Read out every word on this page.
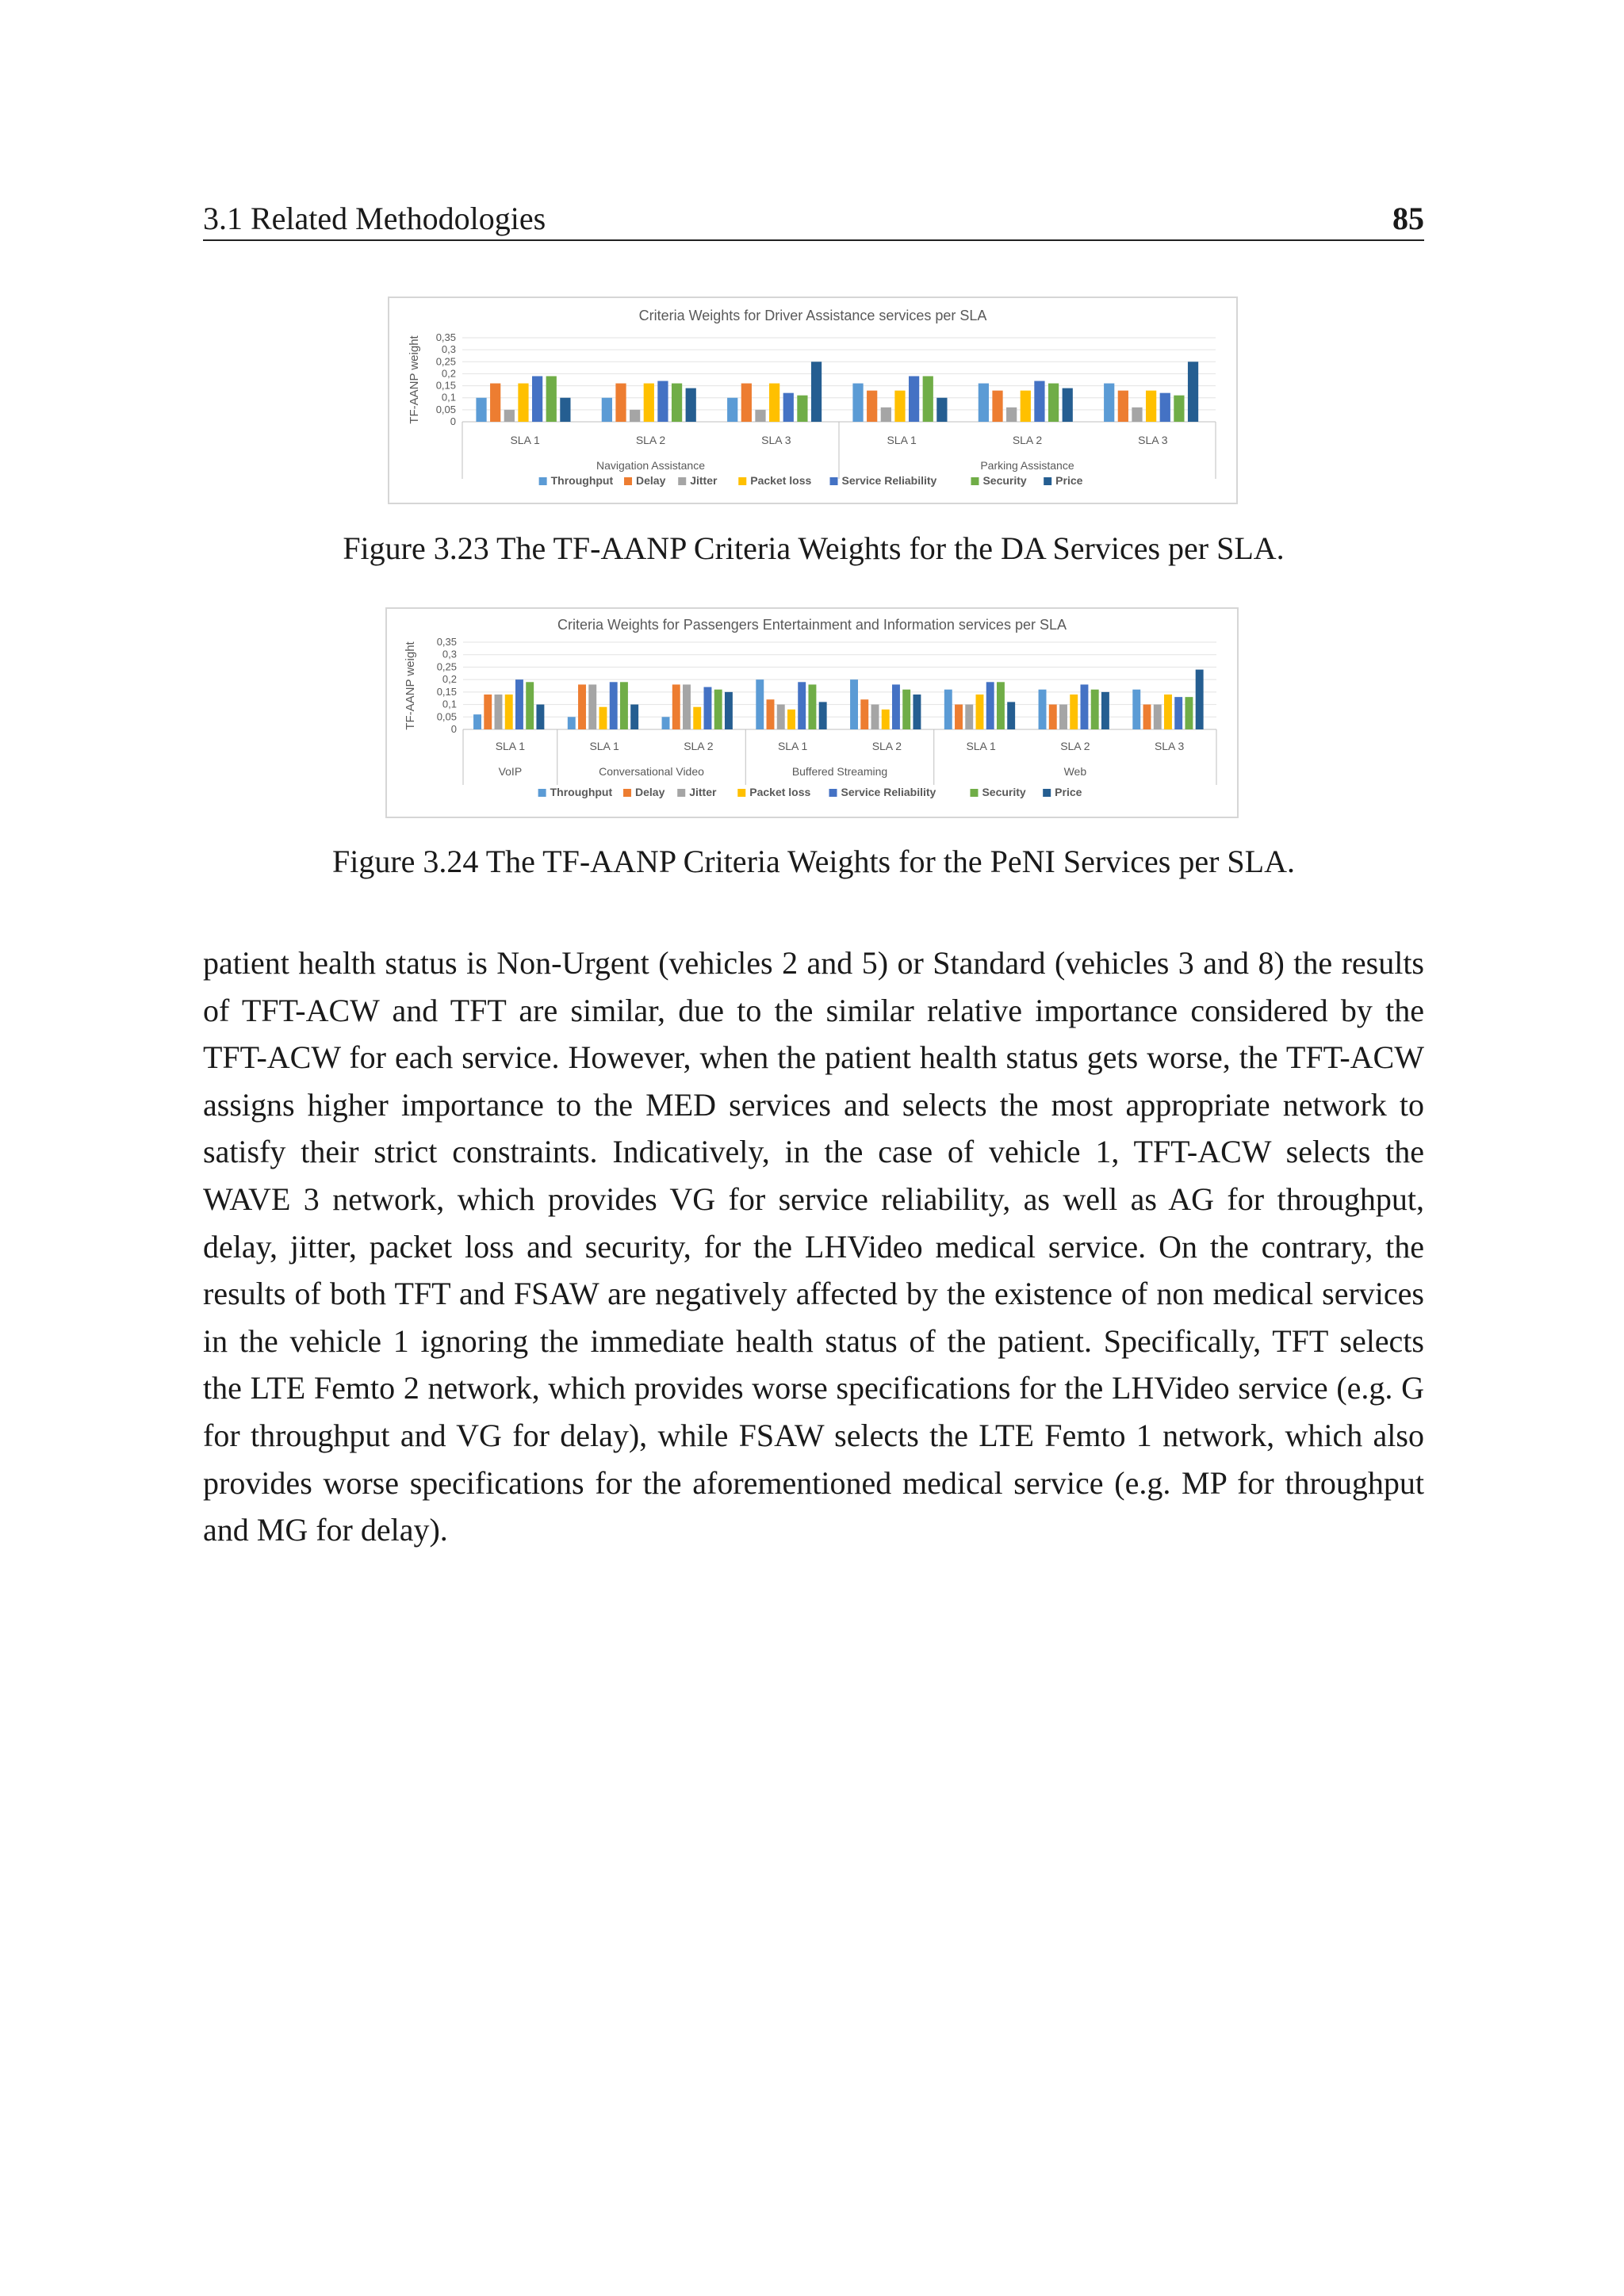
3.1 Related Methodologies	85
Criteria Weights for Driver Assistance services per SLA
TF-AANP weight	0
0,05
0,1
0,15
0,2
0,25
0,3
0,35
SLA 1	SLA 2	SLA 3	SLA 1	SLA 2	SLA 3
Navigation Assistance	Parking Assistance
Throughput Delay Jitter	Packet loss	Service Reliability	Security	Price
Figure 3.23 The TF-AANP Criteria Weights for the DA Services per SLA.
Criteria Weights for Passengers Entertainment and Information services per SLA
TF-AANP weight	0
0,05
0,1
0,15
0,2
0,25
0,3
0,35
SLA 1	SLA 1	SLA 2	SLA 1	SLA 2	SLA 1	SLA 2	SLA 3
VoIP	Conversational Video	Buffered Streaming	Web
Throughput Delay Jitter	Packet loss	Service Reliability	Security	Price
Figure 3.24 The TF-AANP Criteria Weights for the PeNI Services per SLA.
patient health status is Non-Urgent (vehicles 2 and 5) or Standard (vehicles 3 and 8) the results
of TFT-ACW and TFT are similar, due to the similar relative importance considered by the
TFT-ACW for each service. However, when the patient health status gets worse, the TFT-ACW
assigns higher importance to the MED services and selects the most appropriate network to
satisfy their strict constraints. Indicatively, in the case of vehicle 1, TFT-ACW selects the
WAVE 3 network, which provides VG for service reliability, as well as AG for throughput,
delay, jitter, packet loss and security, for the LHVideo medical service. On the contrary, the
results of both TFT and FSAW are negatively affected by the existence of non medical services
in the vehicle 1 ignoring the immediate health status of the patient. Specifically, TFT selects
the LTE Femto 2 network, which provides worse specifications for the LHVideo service (e.g. G
for throughput and VG for delay), while FSAW selects the LTE Femto 1 network, which also
provides worse specifications for the aforementioned medical service (e.g. MP for throughput
and MG for delay).
